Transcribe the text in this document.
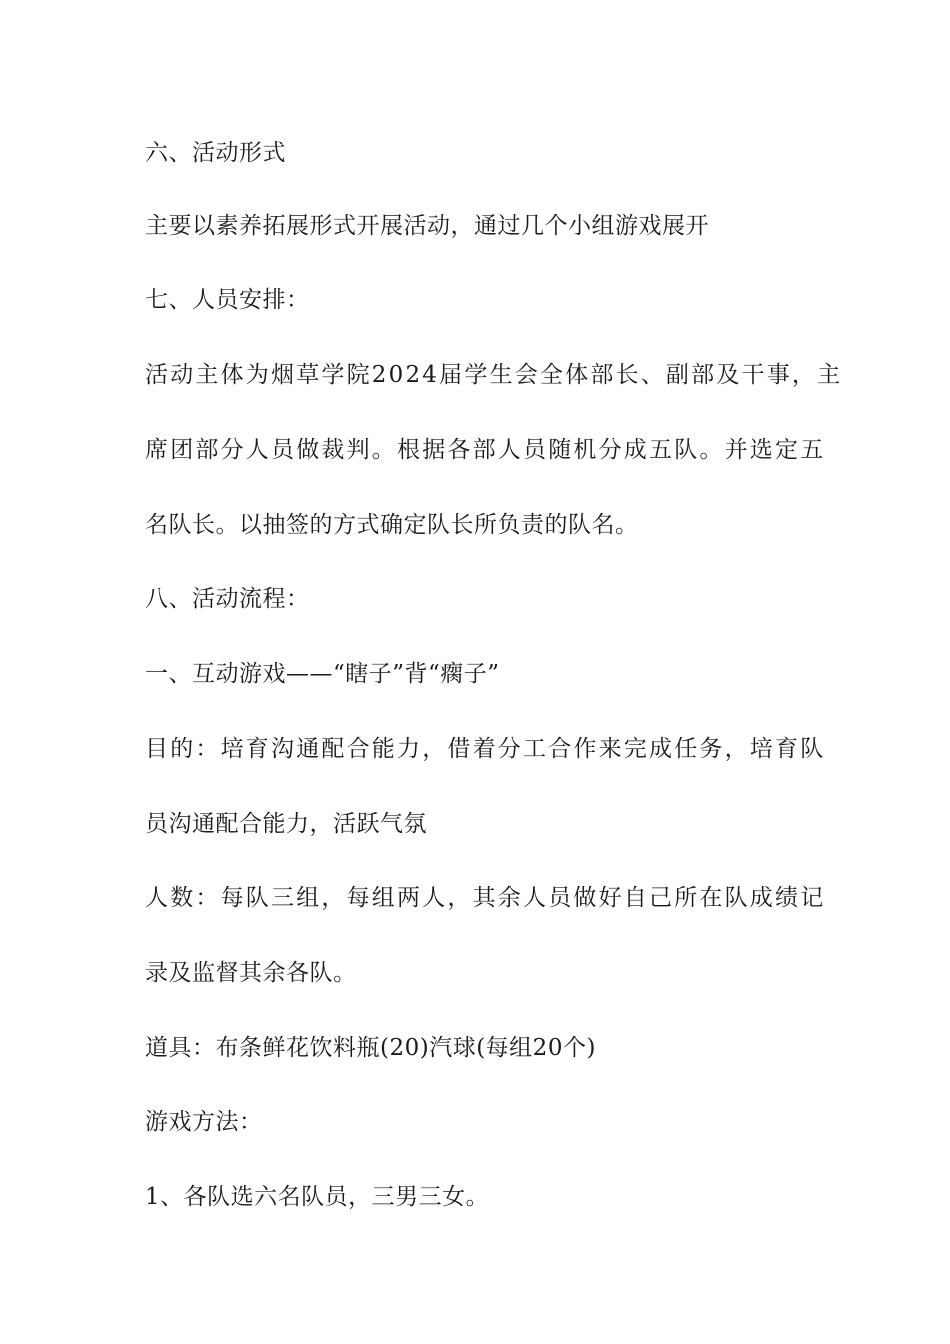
六、活动形式
主要以素养拓展形式开展活动，通过几个小组游戏展开
七、人员安排：
活动主体为烟草学院2024届学生会全体部长、副部及干事，主
席团部分人员做裁判。根据各部人员随机分成五队。并选定五
名队长。以抽签的方式确定队长所负责的队名。
八、活动流程：
一、互动游戏——“瞎子”背“瘸子”
目的：培育沟通配合能力，借着分工合作来完成任务，培育队
员沟通配合能力，活跃气氛
人数：每队三组，每组两人，其余人员做好自己所在队成绩记
录及监督其余各队。
道具：布条鲜花饮料瓶(20)汽球(每组20个)
游戏方法：
1、各队选六名队员，三男三女。
